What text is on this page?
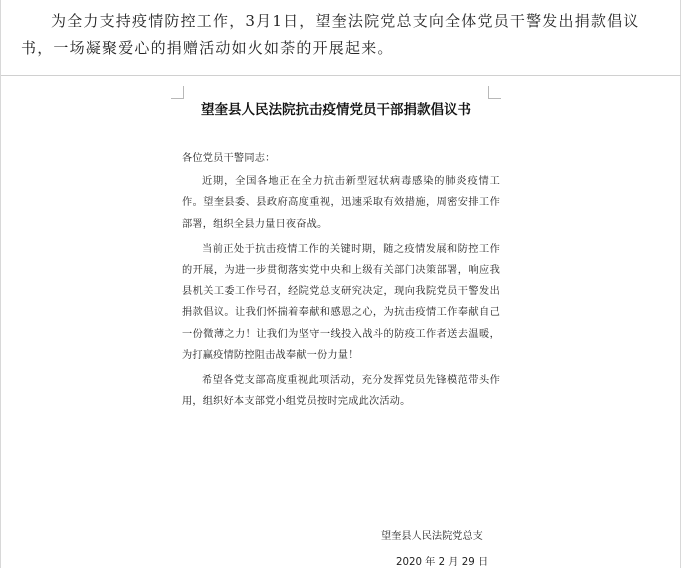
为全力支持疫情防控工作，3月1日，望奎法院党总支向全体党员干警发出捐款倡议书，一场凝聚爱心的捐赠活动如火如荼的开展起来。

望奎县人民法院抗击疫情党员干部捐款倡议书

各位党员干警同志：

近期，全国各地正在全力抗击新型冠状病毒感染的肺炎疫情工作。望奎县委、县政府高度重视，迅速采取有效措施，周密安排工作部署，组织全县力量日夜奋战。

当前正处于抗击疫情工作的关键时期，随之疫情发展和防控工作的开展，为进一步贯彻落实党中央和上级有关部门决策部署，响应我县机关工委工作号召，经院党总支研究决定，现向我院党员干警发出捐款倡议。让我们怀揣着奉献和感恩之心，为抗击疫情工作奉献自己一份微薄之力！让我们为坚守一线投入战斗的防疫工作者送去温暖，为打赢疫情防控阻击战奉献一份力量！

希望各党支部高度重视此项活动，充分发挥党员先锋模范带头作用，组织好本支部党小组党员按时完成此次活动。

望奎县人民法院党总支
2020 年 2 月 29 日
